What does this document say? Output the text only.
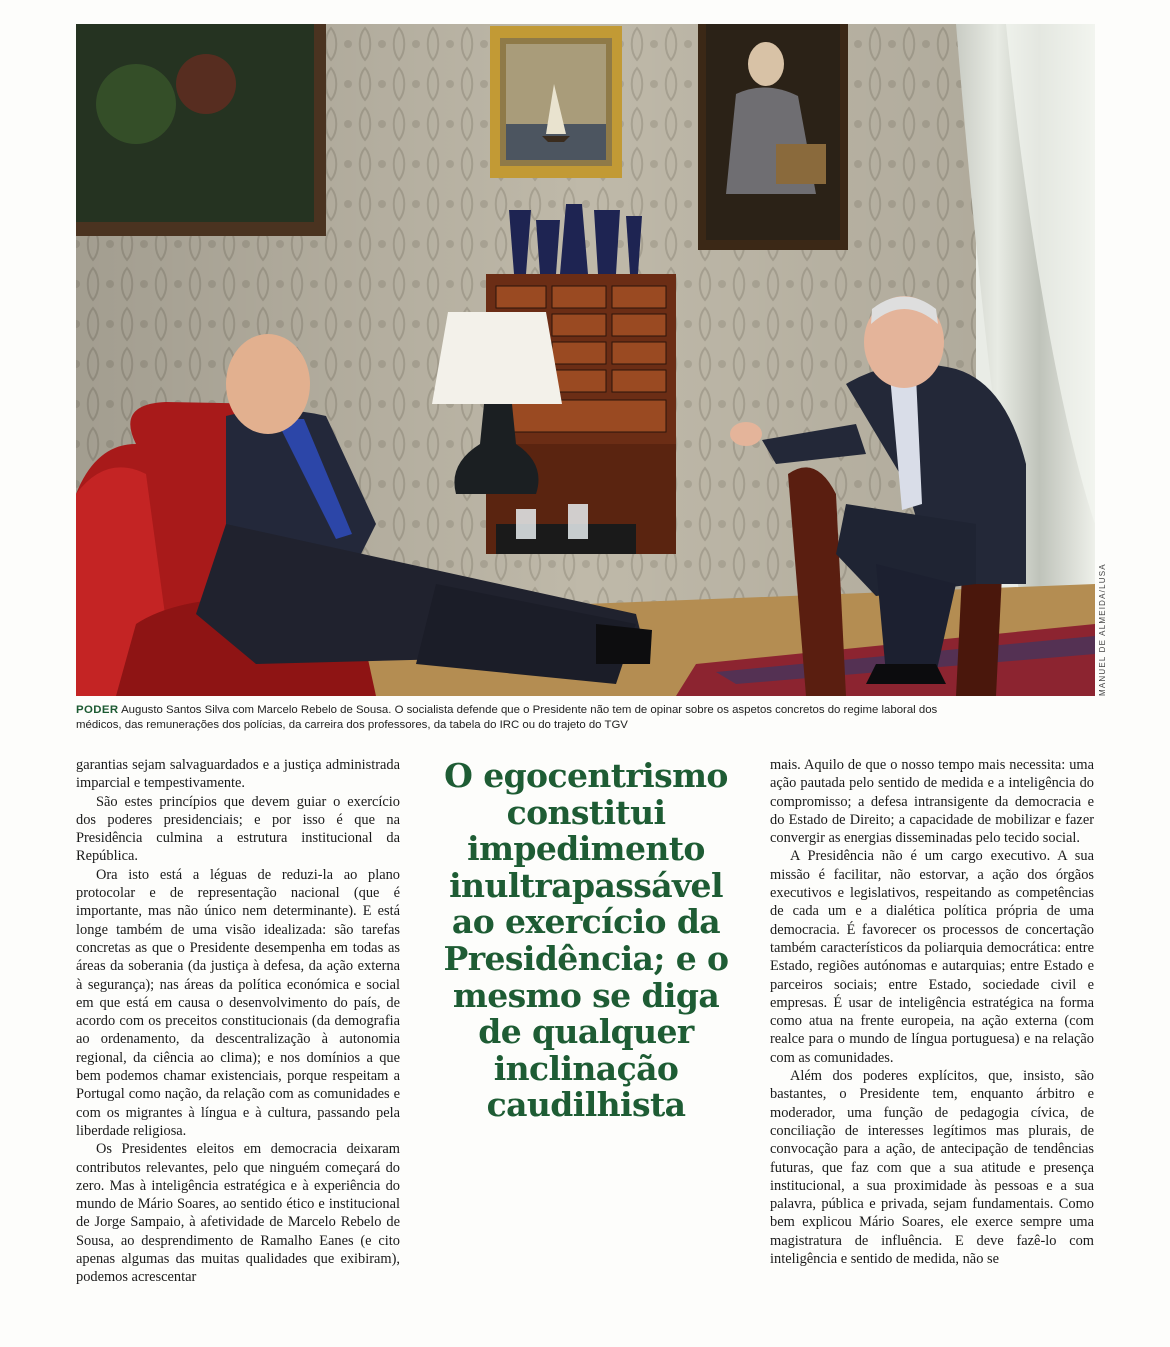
MANUEL DE ALMEIDA/LUSA
PODER Augusto Santos Silva com Marcelo Rebelo de Sousa. O socialista defende que o Presidente não tem de opinar sobre os aspetos concretos do regime laboral dos médicos, das remunerações dos polícias, da carreira dos professores, da tabela do IRC ou do trajeto do TGV

garantias sejam salvaguardados e a justiça administrada imparcial e tempestivamente.

São estes princípios que devem guiar o exercício dos poderes presidenciais; e por isso é que na Presidência culmina a estrutura institucional da República.

Ora isto está a léguas de reduzi-la ao plano protocolar e de representação nacional (que é importante, mas não único nem determinante). E está longe também de uma visão idealizada: são tarefas concretas as que o Presidente desempenha em todas as áreas da soberania (da justiça à defesa, da ação externa à segurança); nas áreas da política económica e social em que está em causa o desenvolvimento do país, de acordo com os preceitos constitucionais (da demografia ao ordenamento, da descentralização à autonomia regional, da ciência ao clima); e nos domínios a que bem podemos chamar existenciais, porque respeitam a Portugal como nação, da relação com as comunidades e com os migrantes à língua e à cultura, passando pela liberdade religiosa.

Os Presidentes eleitos em democracia deixaram contributos relevantes, pelo que ninguém começará do zero. Mas à inteligência estratégica e à experiência do mundo de Mário Soares, ao sentido ético e institucional de Jorge Sampaio, à afetividade de Marcelo Rebelo de Sousa, ao desprendimento de Ramalho Eanes (e cito apenas algumas das muitas qualidades que exibiram), podemos acrescentar

O egocentrismo constitui impedimento inultrapassável ao exercício da Presidência; e o mesmo se diga de qualquer inclinação caudilhista

mais. Aquilo de que o nosso tempo mais necessita: uma ação pautada pelo sentido de medida e a inteligência do compromisso; a defesa intransigente da democracia e do Estado de Direito; a capacidade de mobilizar e fazer convergir as energias disseminadas pelo tecido social.

A Presidência não é um cargo executivo. A sua missão é facilitar, não estorvar, a ação dos órgãos executivos e legislativos, respeitando as competências de cada um e a dialética política própria de uma democracia. É favorecer os processos de concertação também característicos da poliarquia democrática: entre Estado, regiões autónomas e autarquias; entre Estado e parceiros sociais; entre Estado, sociedade civil e empresas. É usar de inteligência estratégica na forma como atua na frente europeia, na ação externa (com realce para o mundo de língua portuguesa) e na relação com as comunidades.

Além dos poderes explícitos, que, insisto, são bastantes, o Presidente tem, enquanto árbitro e moderador, uma função de pedagogia cívica, de conciliação de interesses legítimos mas plurais, de convocação para a ação, de antecipação de tendências futuras, que faz com que a sua atitude e presença institucional, a sua proximidade às pessoas e a sua palavra, pública e privada, sejam fundamentais. Como bem explicou Mário Soares, ele exerce sempre uma magistratura de influência. E deve fazê-lo com inteligência e sentido de medida, não se
